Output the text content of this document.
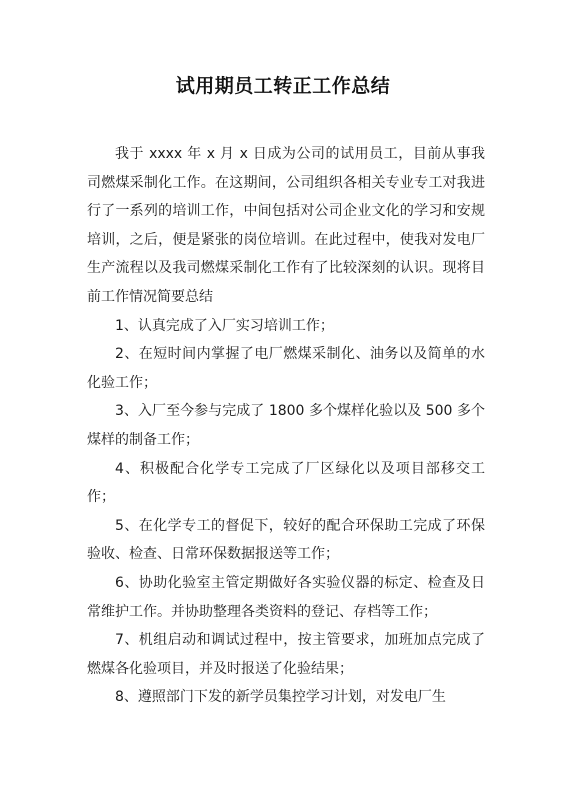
试用期员工转正工作总结

我于 xxxx 年 x 月 x 日成为公司的试用员工，目前从事我司燃煤采制化工作。在这期间，公司组织各相关专业专工对我进行了一系列的培训工作，中间包括对公司企业文化的学习和安规培训，之后，便是紧张的岗位培训。在此过程中，使我对发电厂生产流程以及我司燃煤采制化工作有了比较深刻的认识。现将目前工作情况简要总结

1、认真完成了入厂实习培训工作；

2、在短时间内掌握了电厂燃煤采制化、油务以及简单的水化验工作；

3、入厂至今参与完成了 1800 多个煤样化验以及 500 多个煤样的制备工作；

4、积极配合化学专工完成了厂区绿化以及项目部移交工作；

5、在化学专工的督促下，较好的配合环保助工完成了环保验收、检查、日常环保数据报送等工作；

6、协助化验室主管定期做好各实验仪器的标定、检查及日常维护工作。并协助整理各类资料的登记、存档等工作；

7、机组启动和调试过程中，按主管要求，加班加点完成了燃煤各化验项目，并及时报送了化验结果；

8、遵照部门下发的新学员集控学习计划，对发电厂生
